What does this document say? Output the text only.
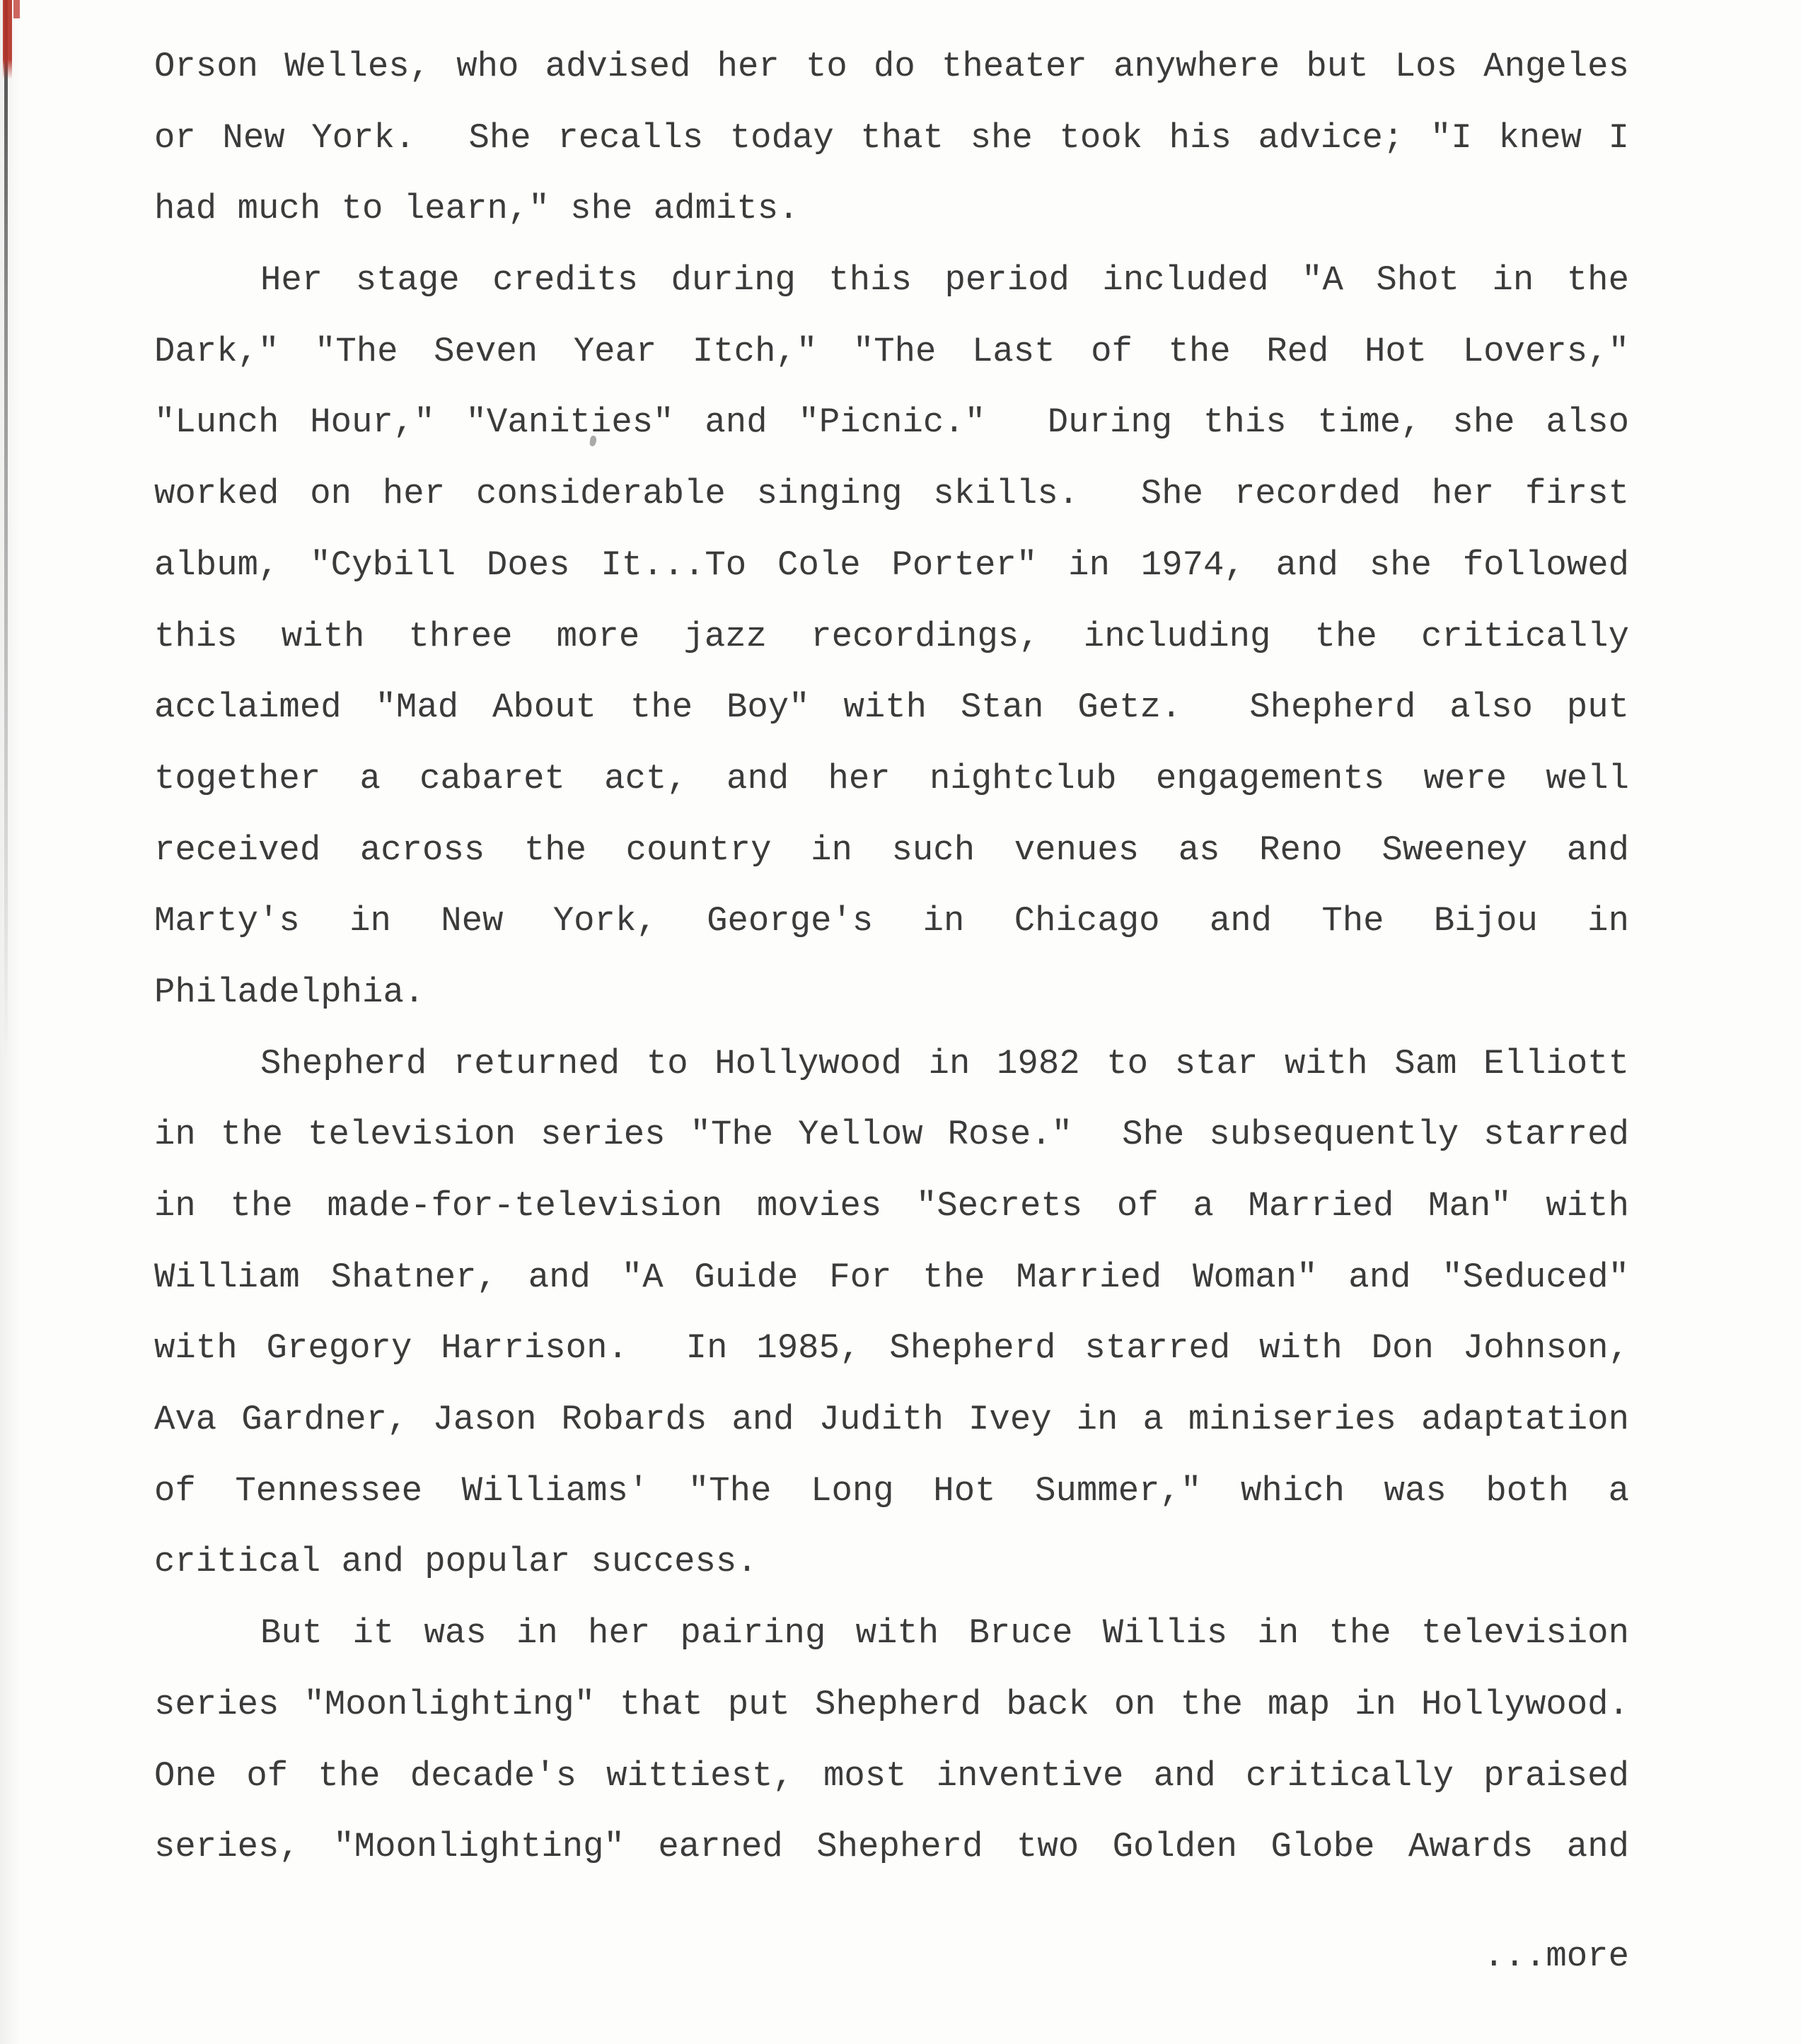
Orson Welles, who advised her to do theater anywhere but Los Angeles
or New York.  She recalls today that she took his advice; "I knew I
had much to learn," she admits.
Her stage credits during this period included "A Shot in the
Dark," "The Seven Year Itch," "The Last of the Red Hot Lovers,"
"Lunch Hour," "Vanities" and "Picnic."  During this time, she also
worked on her considerable singing skills.  She recorded her first
album, "Cybill Does It...To Cole Porter" in 1974, and she followed
this with three more jazz recordings, including the critically
acclaimed "Mad About the Boy" with Stan Getz.  Shepherd also put
together a cabaret act, and her nightclub engagements were well
received across the country in such venues as Reno Sweeney and
Marty's in New York, George's in Chicago and The Bijou in
Philadelphia.
Shepherd returned to Hollywood in 1982 to star with Sam Elliott
in the television series "The Yellow Rose."  She subsequently starred
in the made-for-television movies "Secrets of a Married Man" with
William Shatner, and "A Guide For the Married Woman" and "Seduced"
with Gregory Harrison.  In 1985, Shepherd starred with Don Johnson,
Ava Gardner, Jason Robards and Judith Ivey in a miniseries adaptation
of Tennessee Williams' "The Long Hot Summer," which was both a
critical and popular success.
But it was in her pairing with Bruce Willis in the television
series "Moonlighting" that put Shepherd back on the map in Hollywood.
One of the decade's wittiest, most inventive and critically praised
series, "Moonlighting" earned Shepherd two Golden Globe Awards and
...more
